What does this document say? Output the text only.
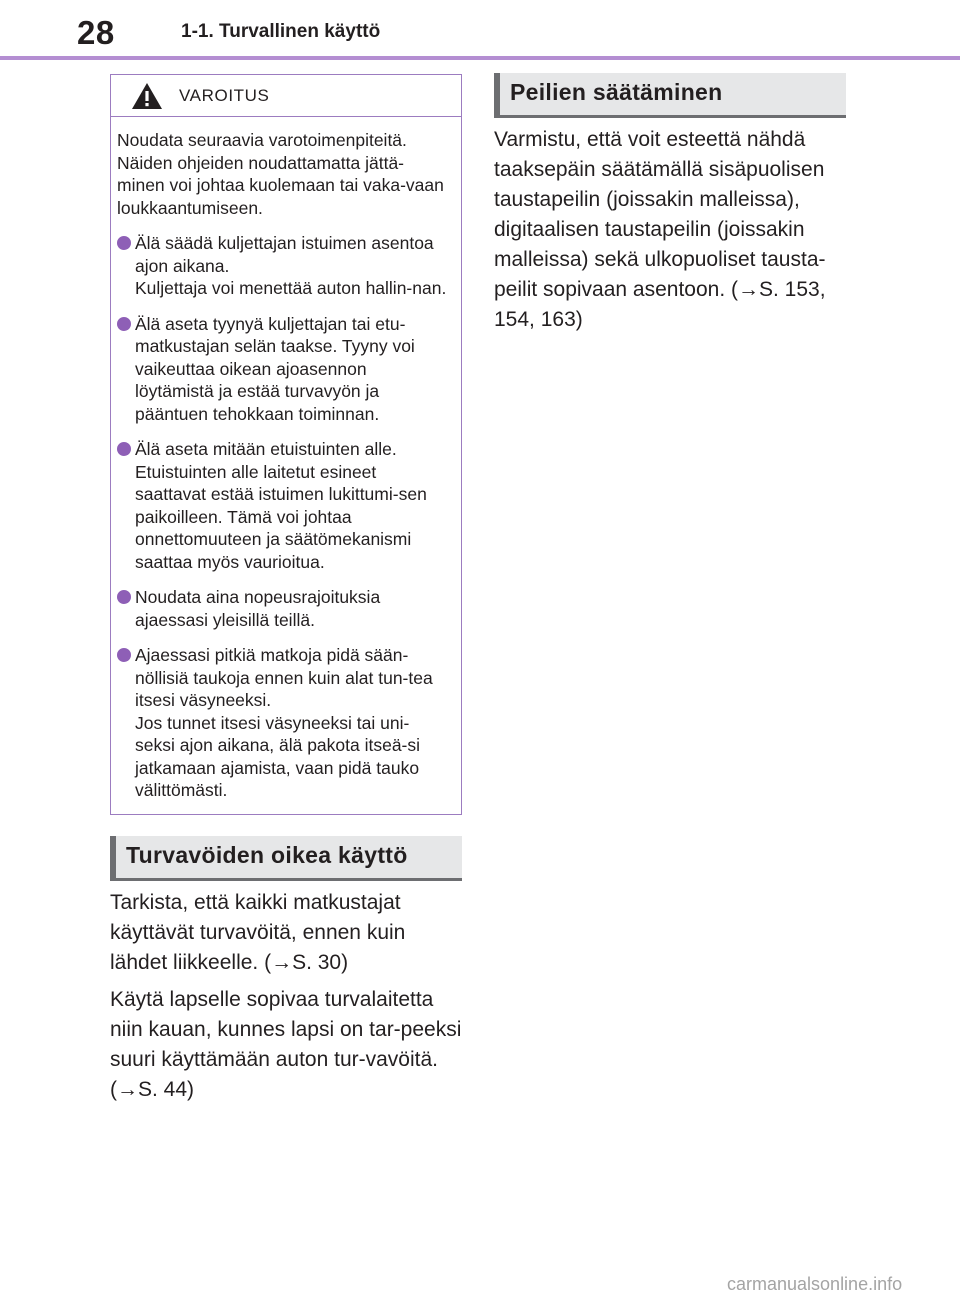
28	1-1. Turvallinen käyttö
VAROITUS

Noudata seuraavia varotoimenpiteitä. Näiden ohjeiden noudattamatta jättä-minen voi johtaa kuolemaan tai vaka-vaan loukkaantumiseen.

Älä säädä kuljettajan istuimen asentoa ajon aikana.
Kuljettaja voi menettää auton hallin-nan.
Älä aseta tyynyä kuljettajan tai etu-matkustajan selän taakse. Tyyny voi vaikeuttaa oikean ajoasennon löytämistä ja estää turvavyön ja pääntuen tehokkaan toiminnan.
Älä aseta mitään etuistuinten alle. Etuistuinten alle laitetut esineet saattavat estää istuimen lukittumi-sen paikoilleen. Tämä voi johtaa onnettomuuteen ja säätömekanismi saattaa myös vaurioitua.
Noudata aina nopeusrajoituksia ajaessasi yleisillä teillä.
Ajaessasi pitkiä matkoja pidä sään-nöllisiä taukoja ennen kuin alat tun-tea itsesi väsyneeksi.
Jos tunnet itsesi väsyneeksi tai uni-seksi ajon aikana, älä pakota itseä-si jatkamaan ajamista, vaan pidä tauko välittömästi.
Turvavöiden oikea käyttö
Tarkista, että kaikki matkustajat käyttävät turvavöitä, ennen kuin lähdet liikkeelle. (→S. 30)
Käytä lapselle sopivaa turvalaitetta niin kauan, kunnes lapsi on tar-peeksi suuri käyttämään auton tur-vavöitä. (→S. 44)
Peilien säätäminen
Varmistu, että voit esteettä nähdä taaksepäin säätämällä sisäpuolisen taustapeilin (joissakin malleissa), digitaalisen taustapeilin (joissakin malleissa) sekä ulkopuoliset tausta-peilit sopivaan asentoon. (→S. 153, 154, 163)
carmanualsonline.info
